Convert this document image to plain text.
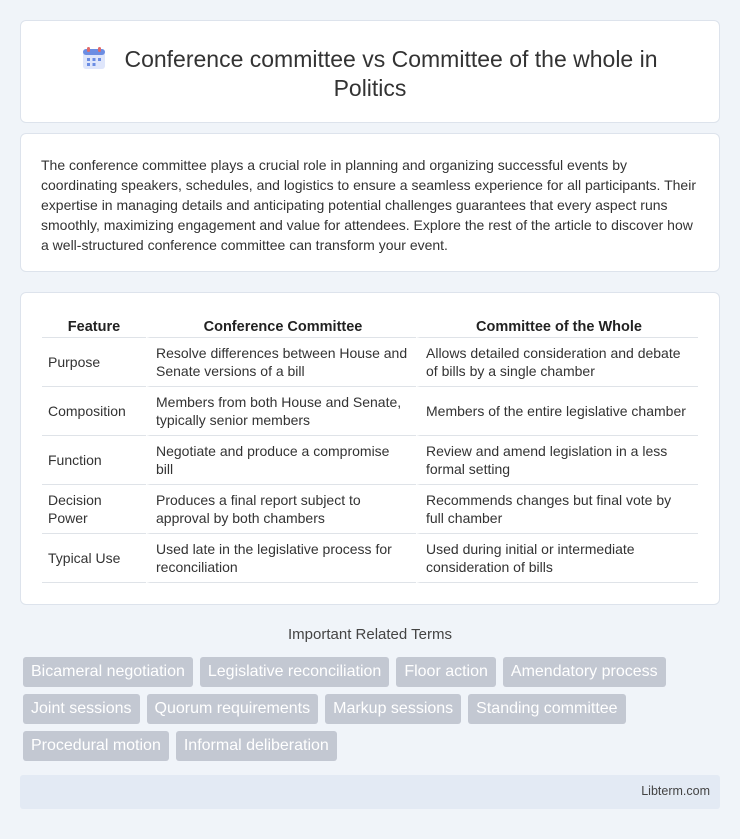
Conference committee vs Committee of the whole in Politics

The conference committee plays a crucial role in planning and organizing successful events by coordinating speakers, schedules, and logistics to ensure a seamless experience for all participants. Their expertise in managing details and anticipating potential challenges guarantees that every aspect runs smoothly, maximizing engagement and value for attendees. Explore the rest of the article to discover how a well-structured conference committee can transform your event.

Feature	Conference Committee	Committee of the Whole
Purpose	Resolve differences between House and Senate versions of a bill	Allows detailed consideration and debate of bills by a single chamber
Composition	Members from both House and Senate, typically senior members	Members of the entire legislative chamber
Function	Negotiate and produce a compromise bill	Review and amend legislation in a less formal setting
Decision Power	Produces a final report subject to approval by both chambers	Recommends changes but final vote by full chamber
Typical Use	Used late in the legislative process for reconciliation	Used during initial or intermediate consideration of bills
Important Related Terms
Bicameral negotiation	Legislative reconciliation	Floor action	Amendatory process
Joint sessions	Quorum requirements	Markup sessions	Standing committee
Procedural motion	Informal deliberation
Libterm.com
